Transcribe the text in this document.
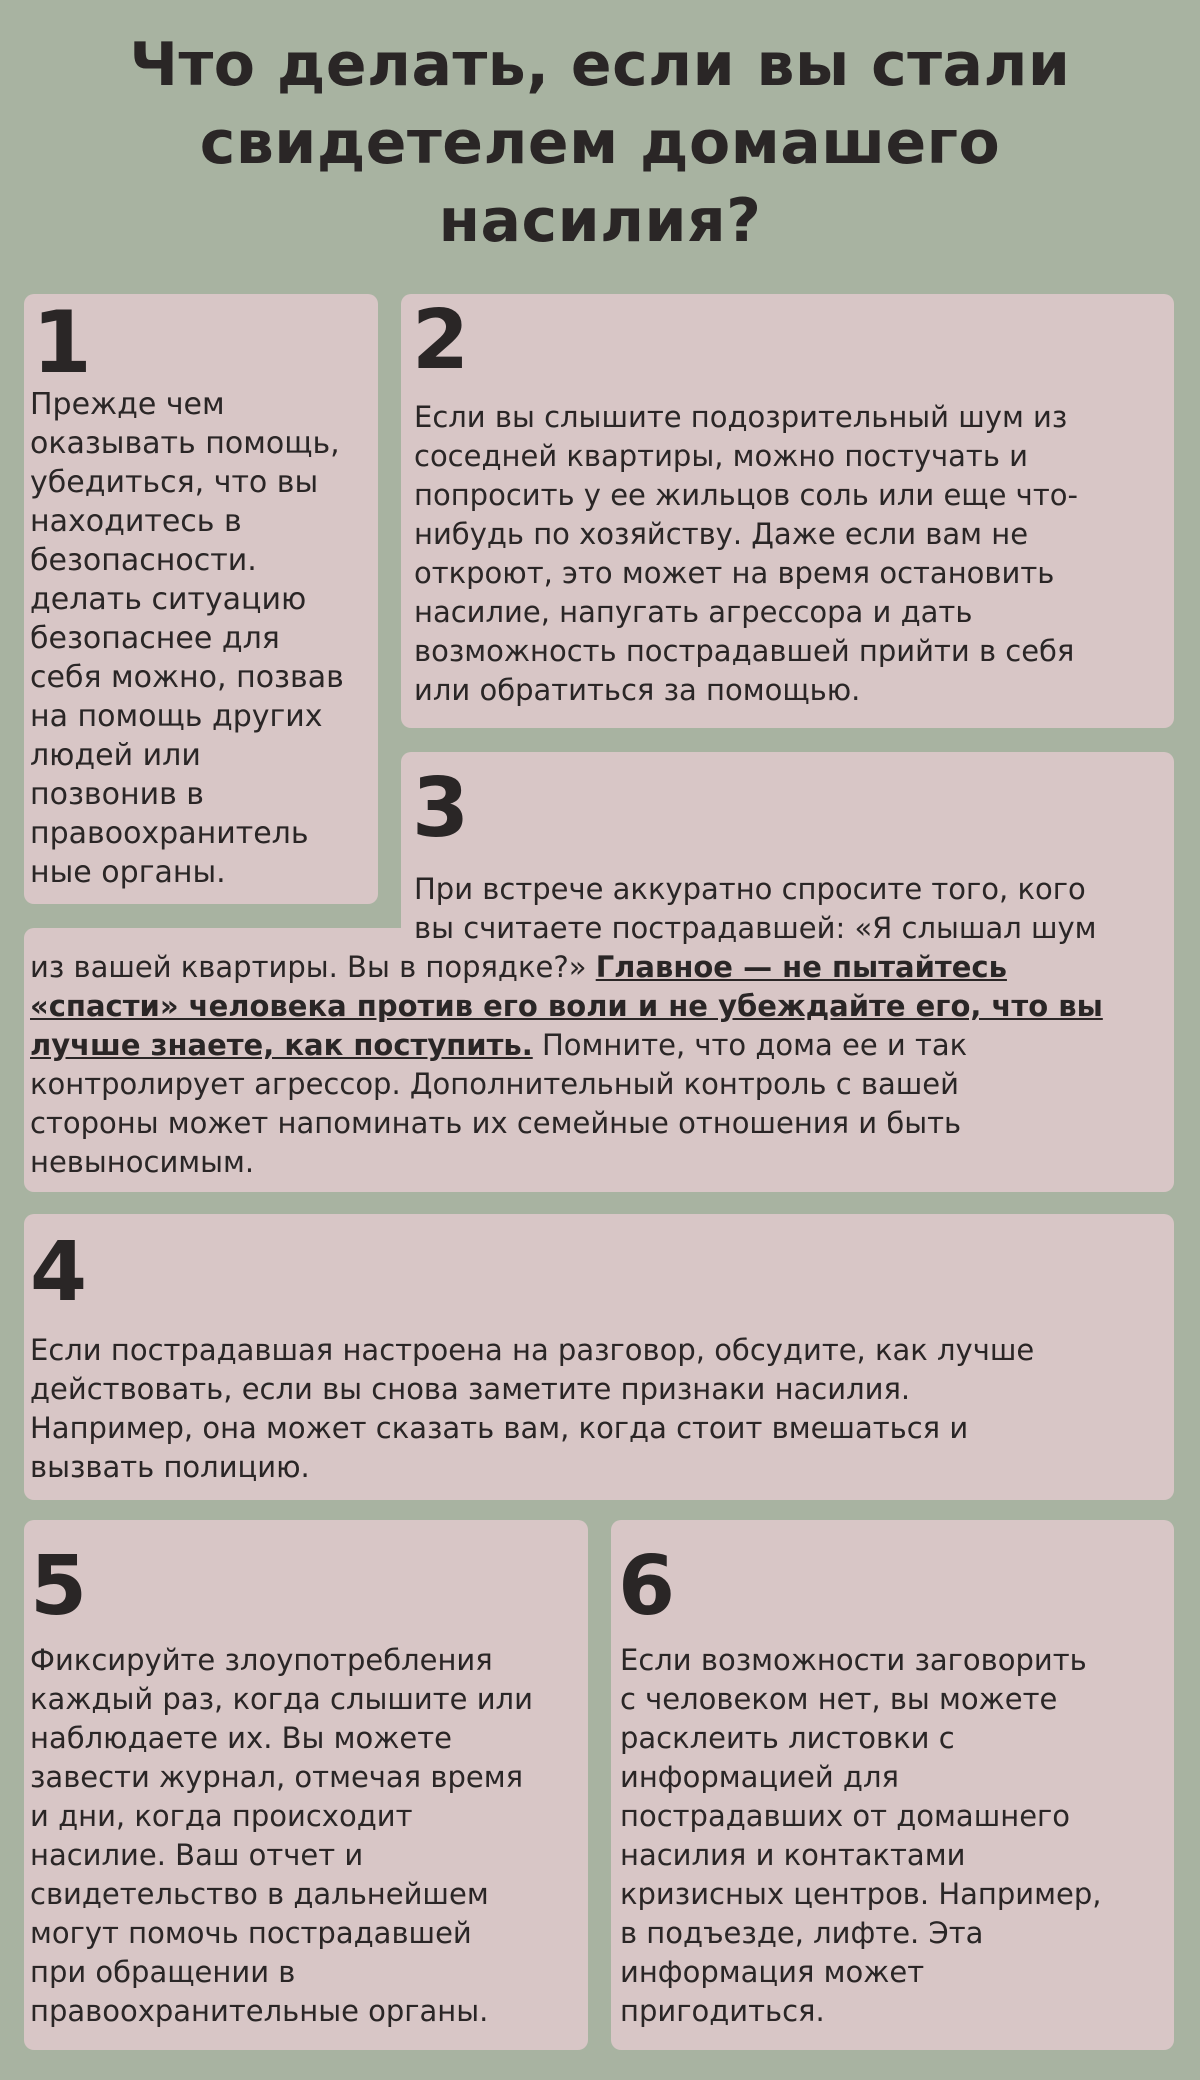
Что делать, если вы стали
свидетелем домашего
насилия?
1	2
3
4
5	6
Прежде чем
оказывать помощь,
убедиться, что вы
находитесь в
безопасности.
делать ситуацию
безопаснее для
себя можно, позвав
на помощь других
людей или
позвонив в
правоохранитель
ные органы.
Если вы слышите подозрительный шум из
соседней квартиры, можно постучать и
попросить у ее жильцов соль или еще что-
нибудь по хозяйству. Даже если вам не
откроют, это может на время остановить
насилие, напугать агрессора и дать
возможность пострадавшей прийти в себя
или обратиться за помощью.
При встрече аккуратно спросите того, кого
вы считаете пострадавшей: «Я слышал шум
из вашей квартиры. Вы в порядке?» Главное — не пытайтесь
«спасти» человека против его воли и не убеждайте его, что вы
лучше знаете, как поступить. Помните, что дома ее и так
контролирует агрессор. Дополнительный контроль с вашей
стороны может напоминать их семейные отношения и быть
невыносимым.
Если пострадавшая настроена на разговор, обсудите, как лучше
действовать, если вы снова заметите признаки насилия.
Например, она может сказать вам, когда стоит вмешаться и
вызвать полицию.
Фиксируйте злоупотребления
каждый раз, когда слышите или
наблюдаете их. Вы можете
завести журнал, отмечая время
и дни, когда происходит
насилие. Ваш отчет и
свидетельство в дальнейшем
могут помочь пострадавшей
при обращении в
правоохранительные органы.
Если возможности заговорить
с человеком нет, вы можете
расклеить листовки с
информацией для
пострадавших от домашнего
насилия и контактами
кризисных центров. Например,
в подъезде, лифте. Эта
информация может
пригодиться.
